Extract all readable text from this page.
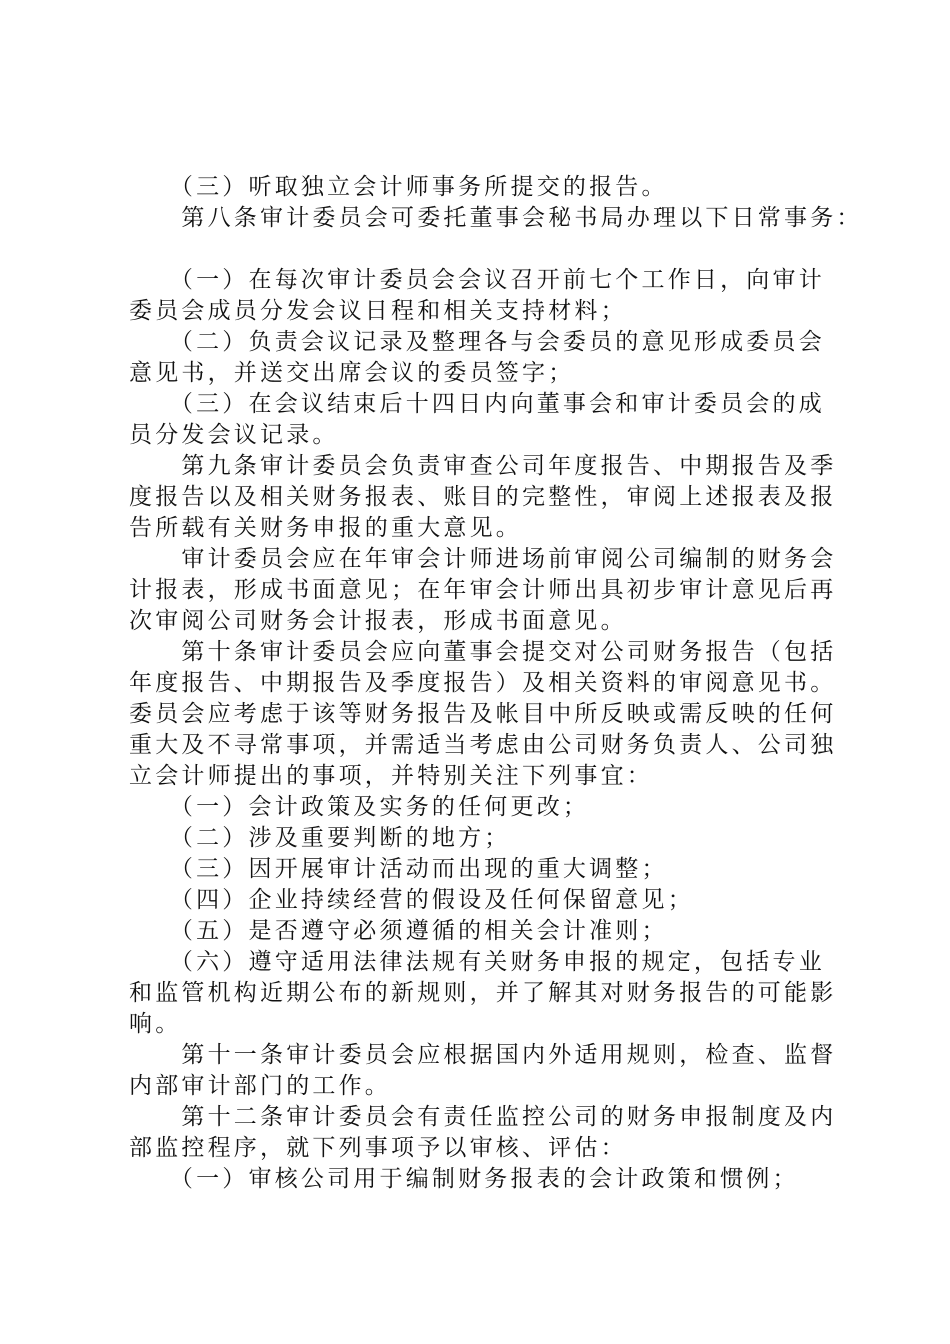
　　（三）听取独立会计师事务所提交的报告。
　　第八条审计委员会可委托董事会秘书局办理以下日常事务：
　　（一）在每次审计委员会会议召开前七个工作日，向审计
委员会成员分发会议日程和相关支持材料；
　　（二）负责会议记录及整理各与会委员的意见形成委员会
意见书，并送交出席会议的委员签字；
　　（三）在会议结束后十四日内向董事会和审计委员会的成
员分发会议记录。
　　第九条审计委员会负责审查公司年度报告、中期报告及季
度报告以及相关财务报表、账目的完整性，审阅上述报表及报
告所载有关财务申报的重大意见。
　　审计委员会应在年审会计师进场前审阅公司编制的财务会
计报表，形成书面意见；在年审会计师出具初步审计意见后再
次审阅公司财务会计报表，形成书面意见。
　　第十条审计委员会应向董事会提交对公司财务报告（包括
年度报告、中期报告及季度报告）及相关资料的审阅意见书。
委员会应考虑于该等财务报告及帐目中所反映或需反映的任何
重大及不寻常事项，并需适当考虑由公司财务负责人、公司独
立会计师提出的事项，并特别关注下列事宜：
　　（一）会计政策及实务的任何更改；
　　（二）涉及重要判断的地方；
　　（三）因开展审计活动而出现的重大调整；
　　（四）企业持续经营的假设及任何保留意见；
　　（五）是否遵守必须遵循的相关会计准则；
　　（六）遵守适用法律法规有关财务申报的规定，包括专业
和监管机构近期公布的新规则，并了解其对财务报告的可能影
响。
　　第十一条审计委员会应根据国内外适用规则，检查、监督
内部审计部门的工作。
　　第十二条审计委员会有责任监控公司的财务申报制度及内
部监控程序，就下列事项予以审核、评估：
　　（一）审核公司用于编制财务报表的会计政策和惯例；
